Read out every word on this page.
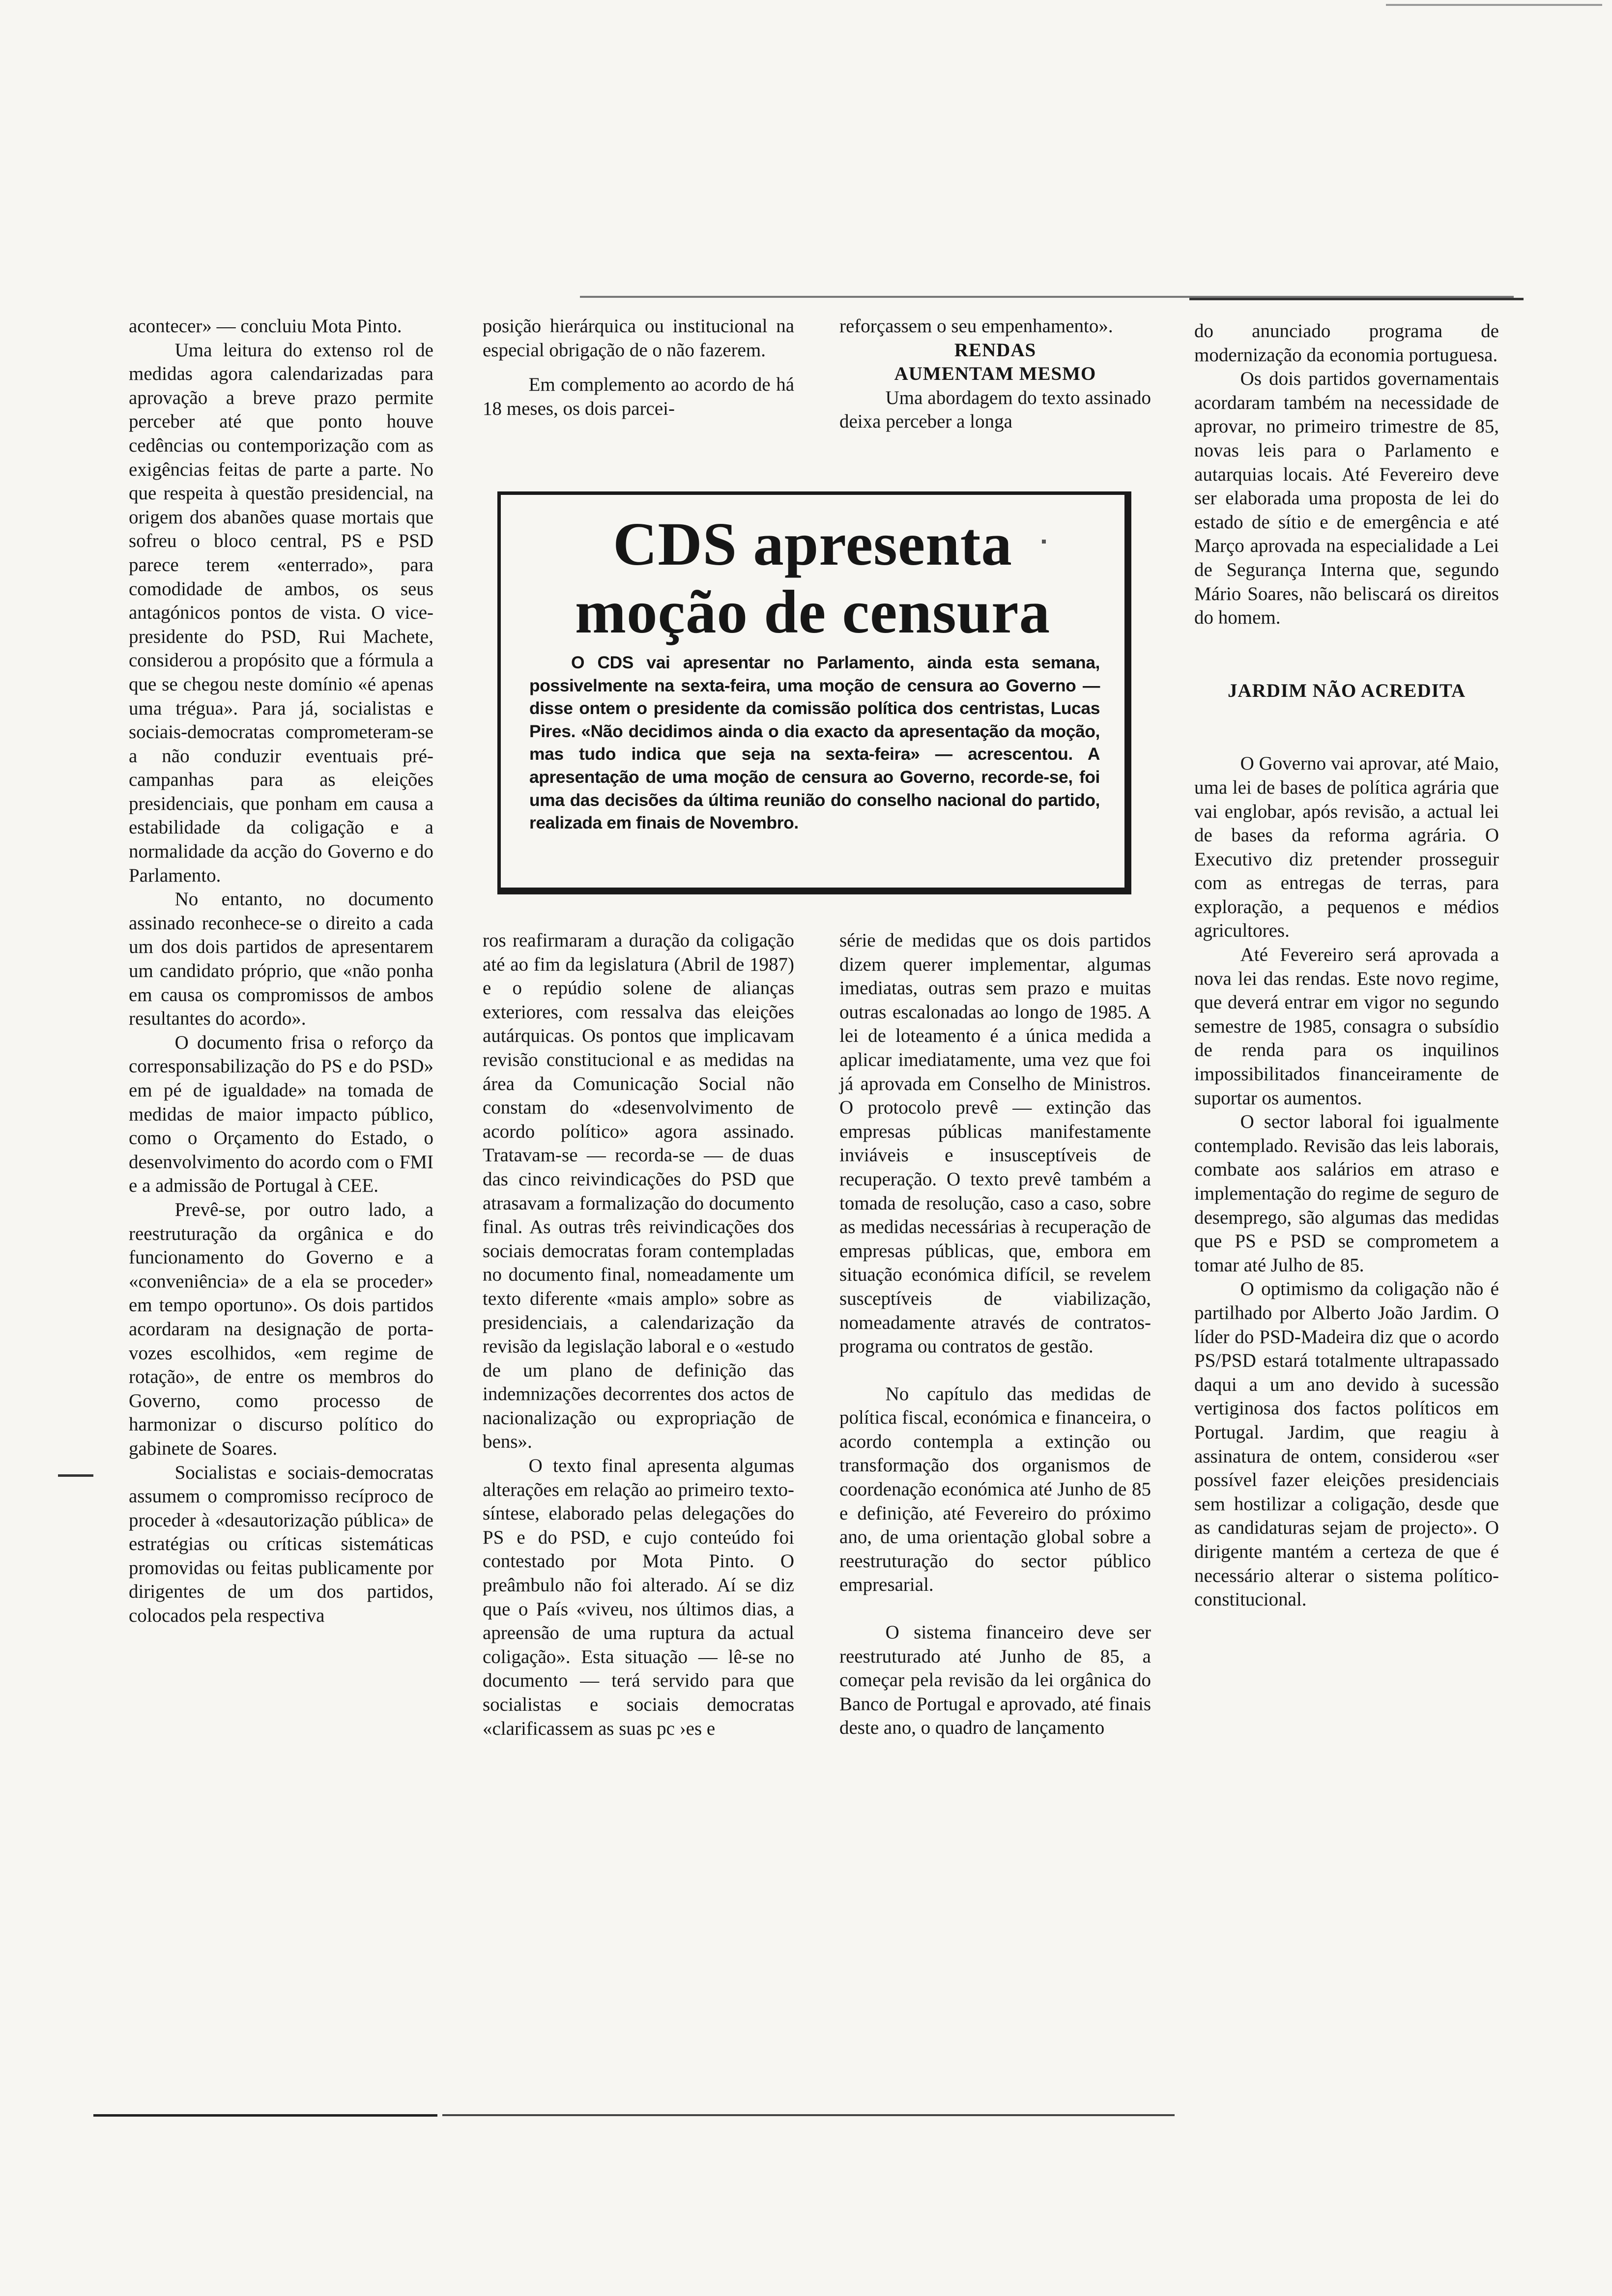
acontecer» — concluiu Mota Pinto.

Uma leitura do extenso rol de medidas agora calendarizadas para aprovação a breve prazo permite perceber até que ponto houve cedências ou contemporização com as exigências feitas de parte a parte. No que respeita à questão presidencial, na origem dos abanões quase mortais que sofreu o bloco central, PS e PSD parece terem «enterrado», para comodidade de ambos, os seus antagónicos pontos de vista. O vice-presidente do PSD, Rui Machete, considerou a propósito que a fórmula a que se chegou neste domínio «é apenas uma trégua». Para já, socialistas e sociais-democratas comprometeram-se a não conduzir eventuais pré-campanhas para as eleições presidenciais, que ponham em causa a estabilidade da coligação e a normalidade da acção do Governo e do Parlamento.

No entanto, no documento assinado reconhece-se o direito a cada um dos dois partidos de apresentarem um candidato próprio, que «não ponha em causa os compromissos de ambos resultantes do acordo».

O documento frisa o reforço da corresponsabilização do PS e do PSD» em pé de igualdade» na tomada de medidas de maior impacto público, como o Orçamento do Estado, o desenvolvimento do acordo com o FMI e a admissão de Portugal à CEE.

Prevê-se, por outro lado, a reestruturação da orgânica e do funcionamento do Governo e a «conveniência» de a ela se proceder» em tempo oportuno». Os dois partidos acordaram na designação de porta-vozes escolhidos, «em regime de rotação», de entre os membros do Governo, como processo de harmonizar o discurso político do gabinete de Soares.

Socialistas e sociais-democratas assumem o compromisso recíproco de proceder à «desautorização pública» de estratégias ou críticas sistemáticas promovidas ou feitas publicamente por dirigentes de um dos partidos, colocados pela respectiva

posição hierárquica ou institucional na especial obrigação de o não fazerem.

Em complemento ao acordo de há 18 meses, os dois parcei-

reforçassem o seu empenhamento».

RENDAS
AUMENTAM MESMO

Uma abordagem do texto assinado deixa perceber a longa

CDS apresenta
moção de censura

O CDS vai apresentar no Parlamento, ainda esta semana, possivelmente na sexta-feira, uma moção de censura ao Governo — disse ontem o presidente da comissão política dos centristas, Lucas Pires. «Não decidimos ainda o dia exacto da apresentação da moção, mas tudo indica que seja na sexta-feira» — acrescentou. A apresentação de uma moção de censura ao Governo, recorde-se, foi uma das decisões da última reunião do conselho nacional do partido, realizada em finais de Novembro.

ros reafirmaram a duração da coligação até ao fim da legislatura (Abril de 1987) e o repúdio solene de alianças exteriores, com ressalva das eleições autárquicas. Os pontos que implicavam revisão constitucional e as medidas na área da Comunicação Social não constam do «desenvolvimento de acordo político» agora assinado. Tratavam-se — recorda-se — de duas das cinco reivindicações do PSD que atrasavam a formalização do documento final. As outras três reivindicações dos sociais democratas foram contempladas no documento final, nomeadamente um texto diferente «mais amplo» sobre as presidenciais, a calendarização da revisão da legislação laboral e o «estudo de um plano de definição das indemnizações decorrentes dos actos de nacionalização ou expropriação de bens».

O texto final apresenta algumas alterações em relação ao primeiro texto-síntese, elaborado pelas delegações do PS e do PSD, e cujo conteúdo foi contestado por Mota Pinto. O preâmbulo não foi alterado. Aí se diz que o País «viveu, nos últimos dias, a apreensão de uma ruptura da actual coligação». Esta situação — lê-se no documento — terá servido para que socialistas e sociais democratas «clarificassem as suas pc ›es e

série de medidas que os dois partidos dizem querer implementar, algumas imediatas, outras sem prazo e muitas outras escalonadas ao longo de 1985. A lei de loteamento é a única medida a aplicar imediatamente, uma vez que foi já aprovada em Conselho de Ministros. O protocolo prevê — extinção das empresas públicas manifestamente inviáveis e insusceptíveis de recuperação. O texto prevê também a tomada de resolução, caso a caso, sobre as medidas necessárias à recuperação de empresas públicas, que, embora em situação económica difícil, se revelem susceptíveis de viabilização, nomeadamente através de contratos-programa ou contratos de gestão.

No capítulo das medidas de política fiscal, económica e financeira, o acordo contempla a extinção ou transformação dos organismos de coordenação económica até Junho de 85 e definição, até Fevereiro do próximo ano, de uma orientação global sobre a reestruturação do sector público empresarial.

O sistema financeiro deve ser reestruturado até Junho de 85, a começar pela revisão da lei orgânica do Banco de Portugal e aprovado, até finais deste ano, o quadro de lançamento

do anunciado programa de modernização da economia portuguesa.

Os dois partidos governamentais acordaram também na necessidade de aprovar, no primeiro trimestre de 85, novas leis para o Parlamento e autarquias locais. Até Fevereiro deve ser elaborada uma proposta de lei do estado de sítio e de emergência e até Março aprovada na especialidade a Lei de Segurança Interna que, segundo Mário Soares, não beliscará os direitos do homem.

JARDIM NÃO ACREDITA

O Governo vai aprovar, até Maio, uma lei de bases de política agrária que vai englobar, após revisão, a actual lei de bases da reforma agrária. O Executivo diz pretender prosseguir com as entregas de terras, para exploração, a pequenos e médios agricultores.

Até Fevereiro será aprovada a nova lei das rendas. Este novo regime, que deverá entrar em vigor no segundo semestre de 1985, consagra o subsídio de renda para os inquilinos impossibilitados financeiramente de suportar os aumentos.

O sector laboral foi igualmente contemplado. Revisão das leis laborais, combate aos salários em atraso e implementação do regime de seguro de desemprego, são algumas das medidas que PS e PSD se comprometem a tomar até Julho de 85.

O optimismo da coligação não é partilhado por Alberto João Jardim. O líder do PSD-Madeira diz que o acordo PS/PSD estará totalmente ultrapassado daqui a um ano devido à sucessão vertiginosa dos factos políticos em Portugal. Jardim, que reagiu à assinatura de ontem, considerou «ser possível fazer eleições presidenciais sem hostilizar a coligação, desde que as candidaturas sejam de projecto». O dirigente mantém a certeza de que é necessário alterar o sistema político-constitucional.
